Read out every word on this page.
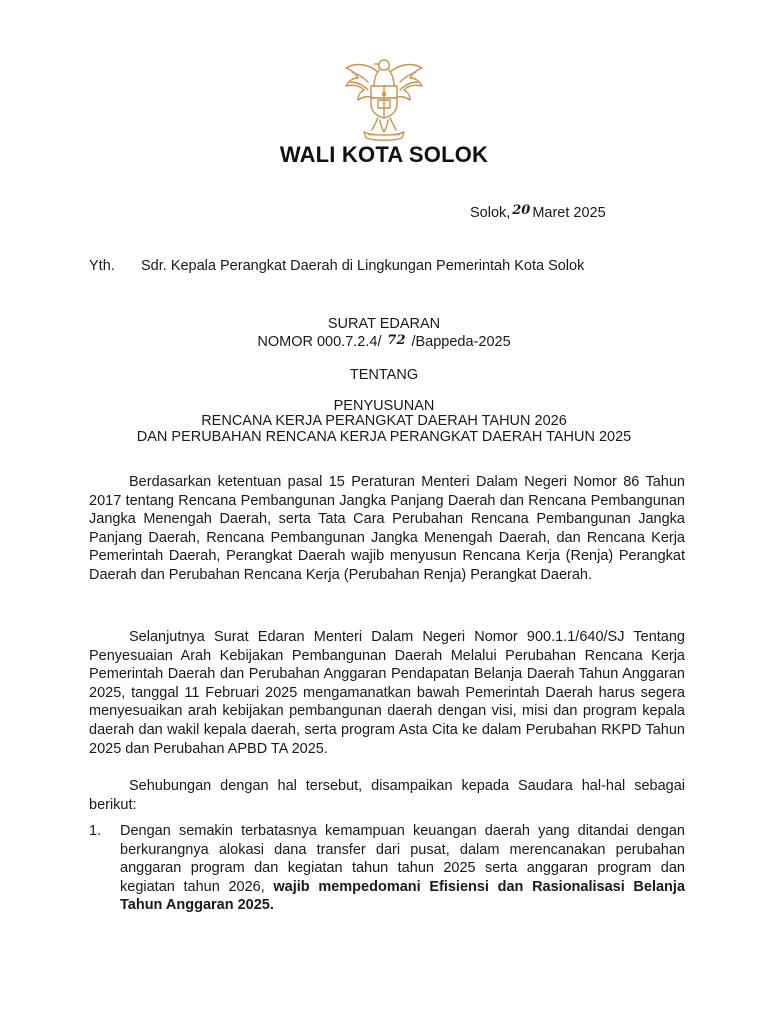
WALI KOTA SOLOK
Solok, 20 Maret 2025
Yth. Sdr. Kepala Perangkat Daerah di Lingkungan Pemerintah Kota Solok
SURAT EDARAN
NOMOR 000.7.2.4/ 72 /Bappeda-2025
TENTANG
PENYUSUNAN
RENCANA KERJA PERANGKAT DAERAH TAHUN 2026
DAN PERUBAHAN RENCANA KERJA PERANGKAT DAERAH TAHUN 2025

Berdasarkan ketentuan pasal 15 Peraturan Menteri Dalam Negeri Nomor 86 Tahun 2017 tentang Rencana Pembangunan Jangka Panjang Daerah dan Rencana Pembangunan Jangka Menengah Daerah, serta Tata Cara Perubahan Rencana Pembangunan Jangka Panjang Daerah, Rencana Pembangunan Jangka Menengah Daerah, dan Rencana Kerja Pemerintah Daerah, Perangkat Daerah wajib menyusun Rencana Kerja (Renja) Perangkat Daerah dan Perubahan Rencana Kerja (Perubahan Renja) Perangkat Daerah.

Selanjutnya Surat Edaran Menteri Dalam Negeri Nomor 900.1.1/640/SJ Tentang Penyesuaian Arah Kebijakan Pembangunan Daerah Melalui Perubahan Rencana Kerja Pemerintah Daerah dan Perubahan Anggaran Pendapatan Belanja Daerah Tahun Anggaran 2025, tanggal 11 Februari 2025 mengamanatkan bawah Pemerintah Daerah harus segera menyesuaikan arah kebijakan pembangunan daerah dengan visi, misi dan program kepala daerah dan wakil kepala daerah, serta program Asta Cita ke dalam Perubahan RKPD Tahun 2025 dan Perubahan APBD TA 2025.

Sehubungan dengan hal tersebut, disampaikan kepada Saudara hal-hal sebagai berikut:

1.	Dengan semakin terbatasnya kemampuan keuangan daerah yang ditandai dengan berkurangnya alokasi dana transfer dari pusat, dalam merencanakan perubahan anggaran program dan kegiatan tahun tahun 2025 serta anggaran program dan kegiatan tahun 2026, wajib mempedomani Efisiensi dan Rasionalisasi Belanja Tahun Anggaran 2025.
